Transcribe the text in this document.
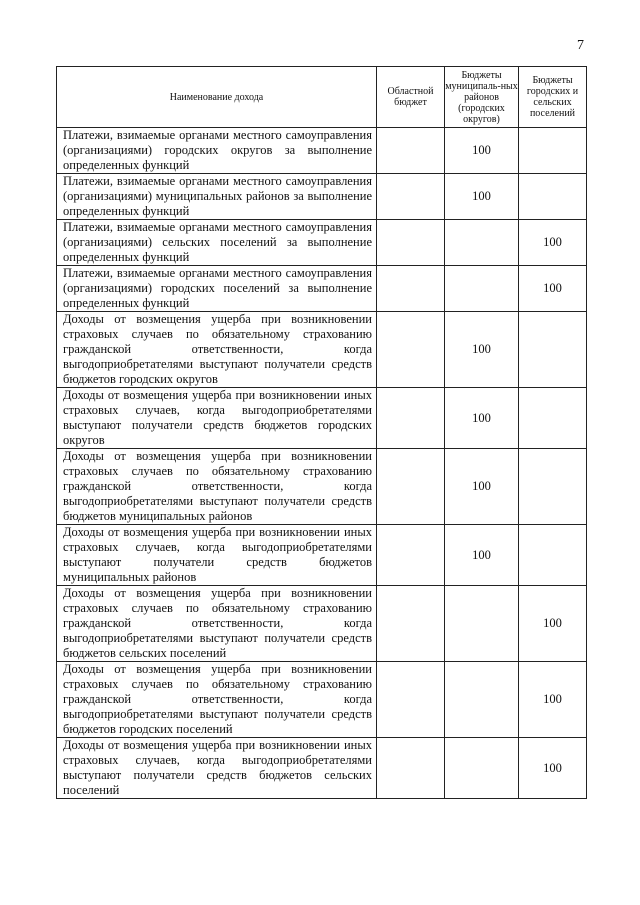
7
Наименование дохода	Областной бюджет	Бюджеты муниципаль-ных районов (городских округов)	Бюджеты городских и сельских поселений
Платежи, взимаемые органами местного самоуправления (организациями) городских округов за выполнение определенных функций		100	
Платежи, взимаемые органами местного самоуправления (организациями) муниципальных районов за выполнение определенных функций		100	
Платежи, взимаемые органами местного самоуправления (организациями) сельских поселений за выполнение определенных функций			100
Платежи, взимаемые органами местного самоуправления (организациями) городских поселений за выполнение определенных функций			100
Доходы от возмещения ущерба при возникновении страховых случаев по обязательному страхованию гражданской ответственности, когда выгодоприобретателями выступают получатели средств бюджетов городских округов		100	
Доходы от возмещения ущерба при возникновении иных страховых случаев, когда выгодоприобретателями выступают получатели средств бюджетов городских округов		100	
Доходы от возмещения ущерба при возникновении страховых случаев по обязательному страхованию гражданской ответственности, когда выгодоприобретателями выступают получатели средств бюджетов муниципальных районов		100	
Доходы от возмещения ущерба при возникновении иных страховых случаев, когда выгодоприобретателями выступают получатели средств бюджетов муниципальных районов		100	
Доходы от возмещения ущерба при возникновении страховых случаев по обязательному страхованию гражданской ответственности, когда выгодоприобретателями выступают получатели средств бюджетов сельских поселений			100
Доходы от возмещения ущерба при возникновении страховых случаев по обязательному страхованию гражданской ответственности, когда выгодоприобретателями выступают получатели средств бюджетов городских поселений			100
Доходы от возмещения ущерба при возникновении иных страховых случаев, когда выгодоприобретателями выступают получатели средств бюджетов сельских поселений			100
